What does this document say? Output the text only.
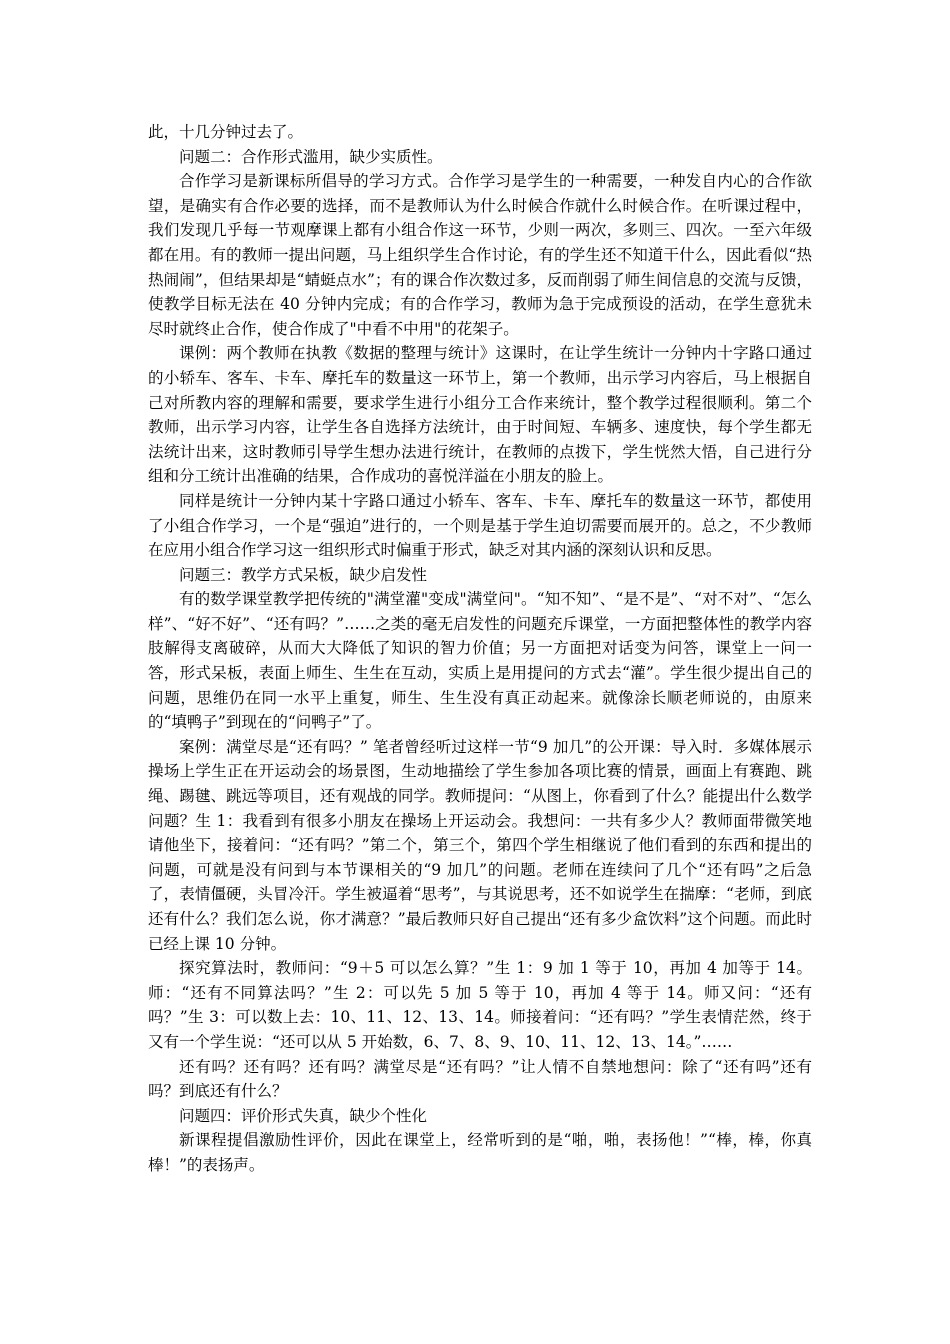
此，十几分钟过去了。

问题二：合作形式滥用，缺少实质性。

合作学习是新课标所倡导的学习方式。合作学习是学生的一种需要，一种发自内心的合作欲望，是确实有合作必要的选择，而不是教师认为什么时候合作就什么时候合作。在听课过程中，我们发现几乎每一节观摩课上都有小组合作这一环节，少则一两次，多则三、四次。一至六年级都在用。有的教师一提出问题，马上组织学生合作讨论，有的学生还不知道干什么，因此看似“热热闹闹”，但结果却是“蜻蜓点水”；有的课合作次数过多，反而削弱了师生间信息的交流与反馈，使教学目标无法在 40 分钟内完成；有的合作学习，教师为急于完成预设的活动，在学生意犹未尽时就终止合作，使合作成了"中看不中用"的花架子。

课例：两个教师在执教《数据的整理与统计》这课时，在让学生统计一分钟内十字路口通过的小轿车、客车、卡车、摩托车的数量这一环节上，第一个教师，出示学习内容后，马上根据自己对所教内容的理解和需要，要求学生进行小组分工合作来统计，整个教学过程很顺利。第二个教师，出示学习内容，让学生各自选择方法统计，由于时间短、车辆多、速度快，每个学生都无法统计出来，这时教师引导学生想办法进行统计，在教师的点拨下，学生恍然大悟，自己进行分组和分工统计出准确的结果，合作成功的喜悦洋溢在小朋友的脸上。

同样是统计一分钟内某十字路口通过小轿车、客车、卡车、摩托车的数量这一环节，都使用了小组合作学习，一个是“强迫”进行的，一个则是基于学生迫切需要而展开的。总之，不少教师在应用小组合作学习这一组织形式时偏重于形式，缺乏对其内涵的深刻认识和反思。

问题三：教学方式呆板，缺少启发性

有的数学课堂教学把传统的"满堂灌"变成"满堂问"。“知不知”、“是不是”、“对不对”、“怎么样”、“好不好”、“还有吗？”……之类的毫无启发性的问题充斥课堂，一方面把整体性的教学内容肢解得支离破碎，从而大大降低了知识的智力价值；另一方面把对话变为问答，课堂上一问一答，形式呆板，表面上师生、生生在互动，实质上是用提问的方式去“灌”。学生很少提出自己的问题，思维仍在同一水平上重复，师生、生生没有真正动起来。就像涂长顺老师说的，由原来的“填鸭子”到现在的“问鸭子”了。

案例：满堂尽是“还有吗？” 笔者曾经听过这样一节“9 加几”的公开课：导入时．多媒体展示操场上学生正在开运动会的场景图，生动地描绘了学生参加各项比赛的情景，画面上有赛跑、跳绳、踢毽、跳远等项目，还有观战的同学。教师提问：“从图上，你看到了什么？能提出什么数学问题？生 1：我看到有很多小朋友在操场上开运动会。我想问：一共有多少人？教师面带微笑地请他坐下，接着问：“还有吗？”第二个，第三个，第四个学生相继说了他们看到的东西和提出的问题，可就是没有问到与本节课相关的“9 加几”的问题。老师在连续问了几个“还有吗”之后急了，表情僵硬，头冒冷汗。学生被逼着“思考”，与其说思考，还不如说学生在揣摩：“老师，到底还有什么？我们怎么说，你才满意？”最后教师只好自己提出“还有多少盒饮料”这个问题。而此时已经上课 10 分钟。

探究算法时，教师问：“9＋5 可以怎么算？”生 1：9 加 1 等于 10，再加 4 加等于 14。师：“还有不同算法吗？”生 2：可以先 5 加 5 等于 10，再加 4 等于 14。师又问：“还有吗？”生 3：可以数上去：10、11、12、13、14。师接着问：“还有吗？”学生表情茫然，终于又有一个学生说：“还可以从 5 开始数，6、7、8、9、10、11、12、13、14。”……

还有吗？还有吗？还有吗？满堂尽是“还有吗？”让人情不自禁地想问：除了“还有吗”还有吗？到底还有什么？

问题四：评价形式失真，缺少个性化

新课程提倡激励性评价，因此在课堂上，经常听到的是“啪，啪，表扬他！”“棒，棒，你真棒！”的表扬声。
